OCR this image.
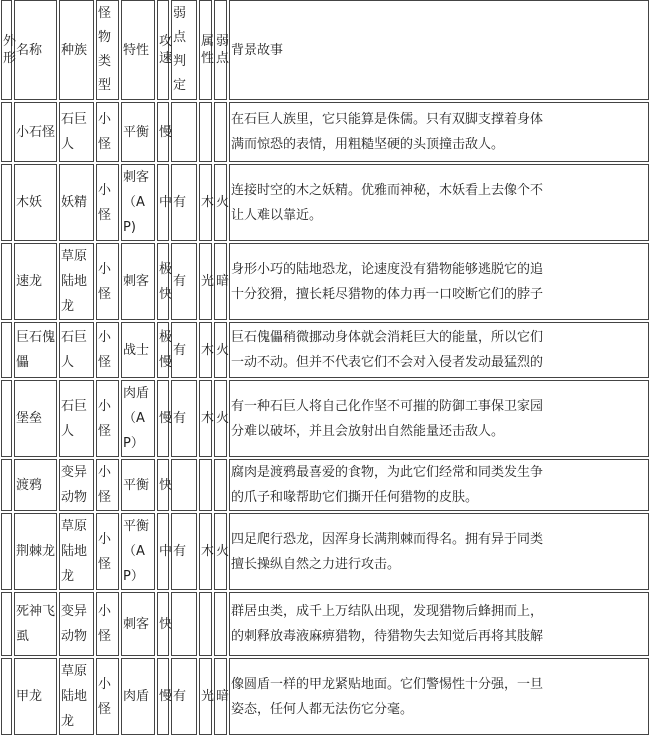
外形	名称	种族	怪物类型	特性	攻速	弱点判定	属性	弱点	背景故事
	小石怪	石巨人	小怪	平衡	慢				在石巨人族里，它只能算是侏儒。只有双脚支撑着身体
满而惊恐的表情，用粗糙坚硬的头顶撞击敌人。

	木妖	妖精	小怪	刺客（AP)	中	有	木	火	连接时空的木之妖精。优雅而神秘，木妖看上去像个不
让人难以靠近。

	速龙	草原陆地龙	小怪	刺客	极快	有	光	暗	身形小巧的陆地恐龙，论速度没有猎物能够逃脱它的追
十分狡猾，擅长耗尽猎物的体力再一口咬断它们的脖子

	巨石傀儡	石巨人	小怪	战士	极慢	有	木	火	巨石傀儡稍微挪动身体就会消耗巨大的能量，所以它们
一动不动。但并不代表它们不会对入侵者发动最猛烈的

	堡垒	石巨人	小怪	肉盾（AP）	慢	有	木	火	有一种石巨人将自己化作坚不可摧的防御工事保卫家园
分难以破坏，并且会放射出自然能量还击敌人。

	渡鸦	变异动物	小怪	平衡	快				腐肉是渡鸦最喜爱的食物，为此它们经常和同类发生争
的爪子和喙帮助它们撕开任何猎物的皮肤。

	荆棘龙	草原陆地龙	小怪	平衡（AP）	中	有	木	火	四足爬行恐龙，因浑身长满荆棘而得名。拥有异于同类
擅长操纵自然之力进行攻击。

	死神飞虱	变异动物	小怪	刺客	快				群居虫类，成千上万结队出现，发现猎物后蜂拥而上，
的刺释放毒液麻痹猎物，待猎物失去知觉后再将其肢解

	甲龙	草原陆地龙	小怪	肉盾	慢	有	光	暗	像圆盾一样的甲龙紧贴地面。它们警惕性十分强，一旦
姿态，任何人都无法伤它分毫。
